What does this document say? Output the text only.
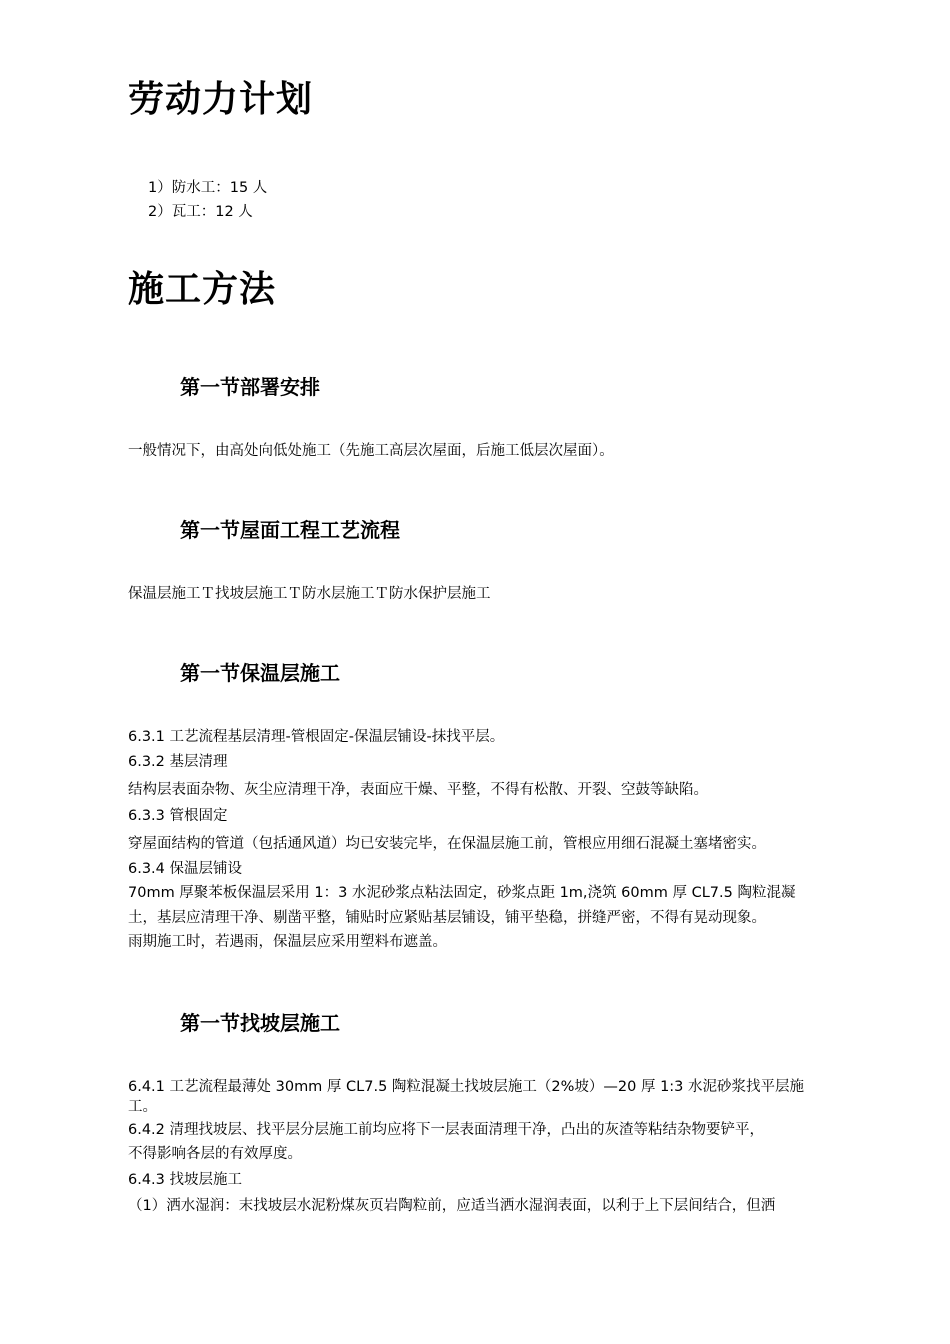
劳动力计划
1）防水工：15 人
2）瓦工：12 人
施工方法
第一节部署安排
一般情况下，由高处向低处施工（先施工高层次屋面，后施工低层次屋面）。
第一节屋面工程工艺流程
保温层施工Ｔ找坡层施工Ｔ防水层施工Ｔ防水保护层施工
第一节保温层施工
6.3.1 工艺流程基层清理-管根固定-保温层铺设-抹找平层。
6.3.2 基层清理
结构层表面杂物、灰尘应清理干净，表面应干燥、平整，不得有松散、开裂、空鼓等缺陷。
6.3.3 管根固定
穿屋面结构的管道（包括通风道）均已安装完毕，在保温层施工前，管根应用细石混凝土塞堵密实。
6.3.4 保温层铺设
70mm 厚聚苯板保温层采用 1：3 水泥砂浆点粘法固定，砂浆点距 1m,浇筑 60mm 厚 CL7.5 陶粒混凝
土，基层应清理干净、剔凿平整，铺贴时应紧贴基层铺设，铺平垫稳，拼缝严密，不得有晃动现象。
雨期施工时，若遇雨，保温层应采用塑料布遮盖。
第一节找坡层施工
6.4.1 工艺流程最薄处 30mm 厚 CL7.5 陶粒混凝土找坡层施工（2%坡）—20 厚 1:3 水泥砂浆找平层施
工。
6.4.2 清理找坡层、找平层分层施工前均应将下一层表面清理干净，凸出的灰渣等粘结杂物要铲平，
不得影响各层的有效厚度。
6.4.3 找坡层施工
（1）洒水湿润：末找坡层水泥粉煤灰页岩陶粒前，应适当洒水湿润表面，以利于上下层间结合，但洒
